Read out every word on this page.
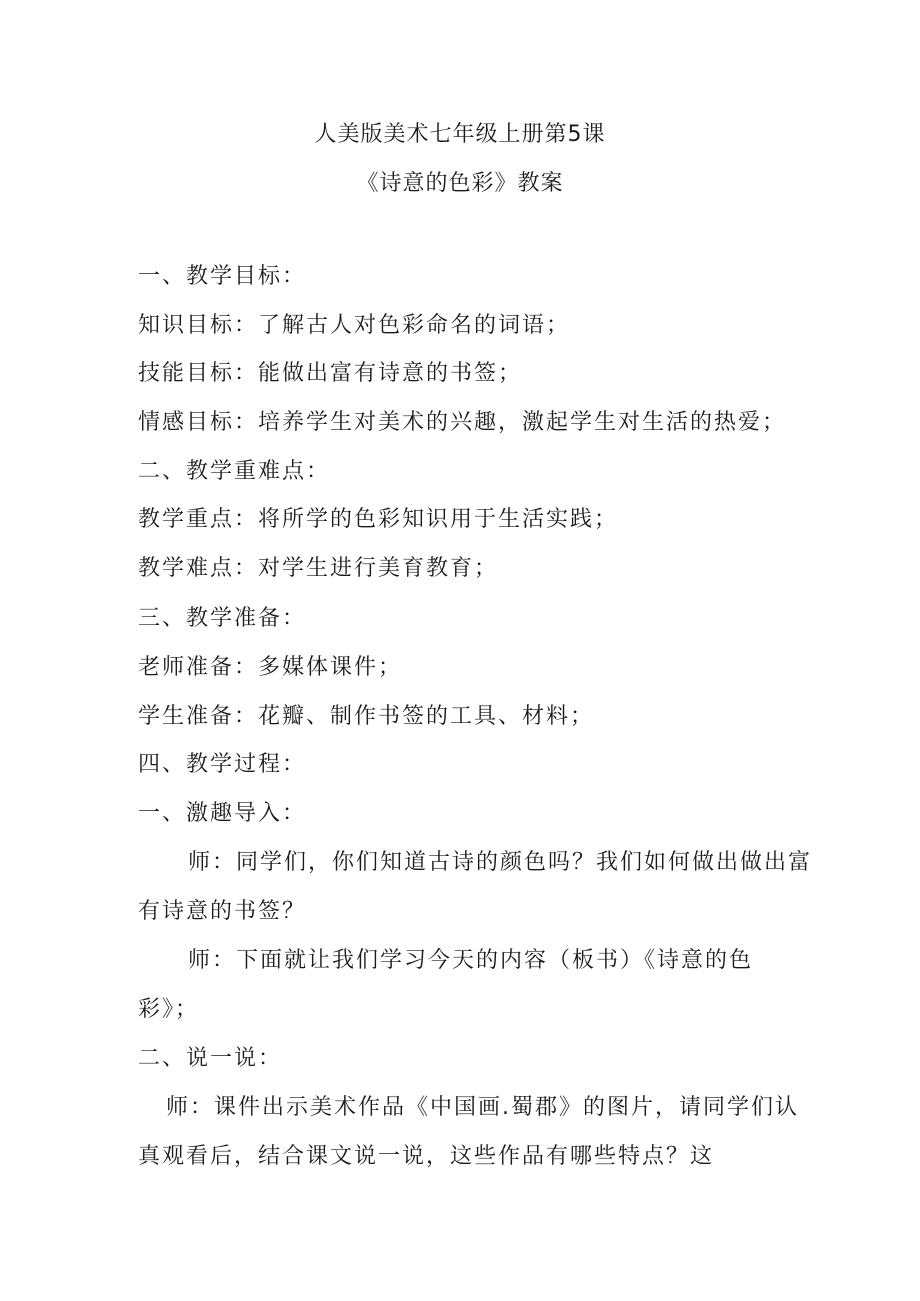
人美版美术七年级上册第5课
《诗意的色彩》教案
一、教学目标：
知识目标：了解古人对色彩命名的词语；
技能目标：能做出富有诗意的书签；
情感目标：培养学生对美术的兴趣，激起学生对生活的热爱；
二、教学重难点：
教学重点：将所学的色彩知识用于生活实践；
教学难点：对学生进行美育教育；
三、教学准备：
老师准备：多媒体课件；
学生准备：花瓣、制作书签的工具、材料；
四、教学过程：
一、激趣导入：
师：同学们，你们知道古诗的颜色吗？我们如何做出做出富
有诗意的书签？
师：下面就让我们学习今天的内容（板书）《诗意的色
彩》；
二、说一说：
师：课件出示美术作品《中国画.蜀郡》的图片，请同学们认
真观看后，结合课文说一说，这些作品有哪些特点？这
